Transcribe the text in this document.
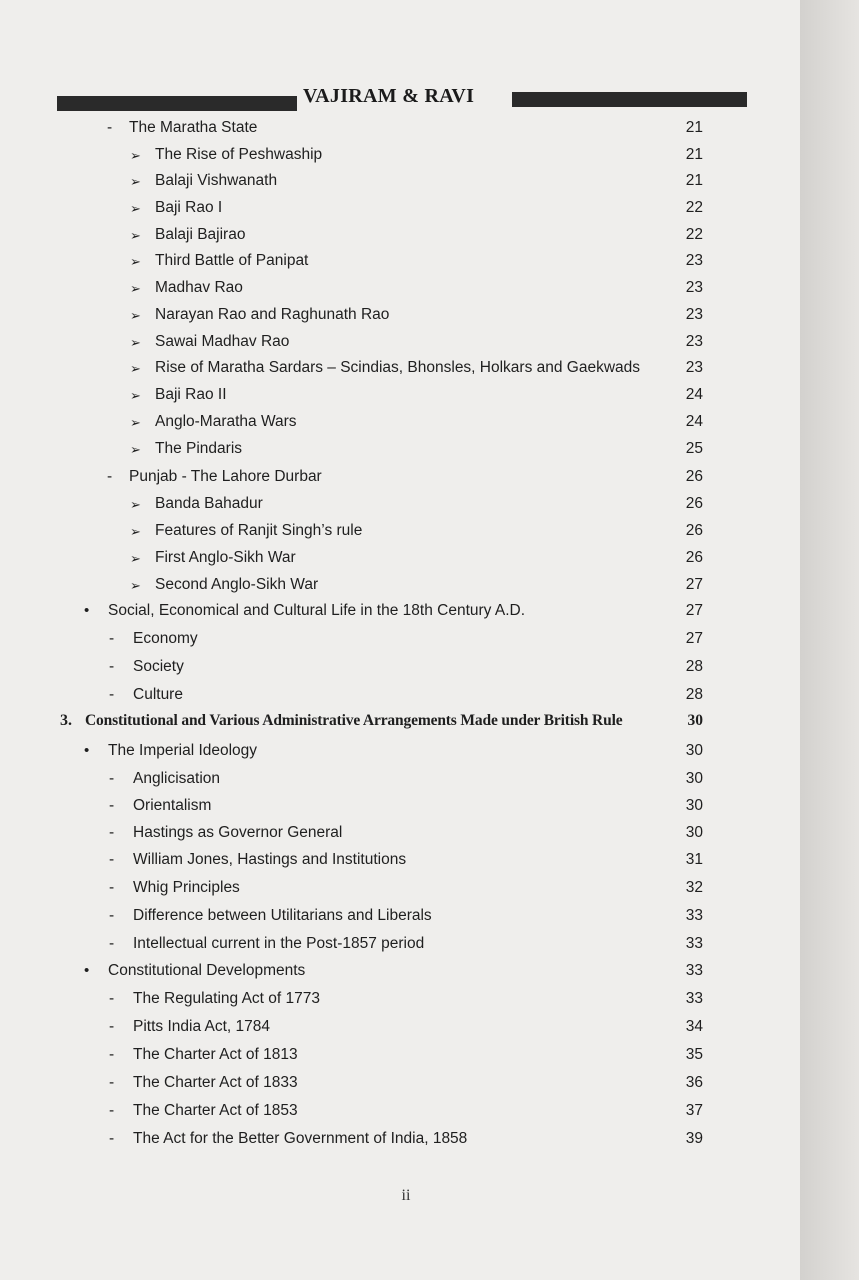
VAJIRAM & RAVI
- The Maratha State	21
➢ The Rise of Peshwaship	21
➢ Balaji Vishwanath	21
➢ Baji Rao I	22
➢ Balaji Bajirao	22
➢ Third Battle of Panipat	23
➢ Madhav Rao	23
➢ Narayan Rao and Raghunath Rao	23
➢ Sawai Madhav Rao	23
➢ Rise of Maratha Sardars – Scindias, Bhonsles, Holkars and Gaekwads	23
➢ Baji Rao II	24
➢ Anglo-Maratha Wars	24
➢ The Pindaris	25
- Punjab - The Lahore Durbar	26
➢ Banda Bahadur	26
➢ Features of Ranjit Singh’s rule	26
➢ First Anglo-Sikh War	26
➢ Second Anglo-Sikh War	27
• Social, Economical and Cultural Life in the 18th Century A.D.	27
- Economy	27
- Society	28
- Culture	28
3. Constitutional and Various Administrative Arrangements Made under British Rule	30
• The Imperial Ideology	30
- Anglicisation	30
- Orientalism	30
- Hastings as Governor General	30
- William Jones, Hastings and Institutions	31
- Whig Principles	32
- Difference between Utilitarians and Liberals	33
- Intellectual current in the Post-1857 period	33
• Constitutional Developments	33
- The Regulating Act of 1773	33
- Pitts India Act, 1784	34
- The Charter Act of 1813	35
- The Charter Act of 1833	36
- The Charter Act of 1853	37
- The Act for the Better Government of India, 1858	39
ii
